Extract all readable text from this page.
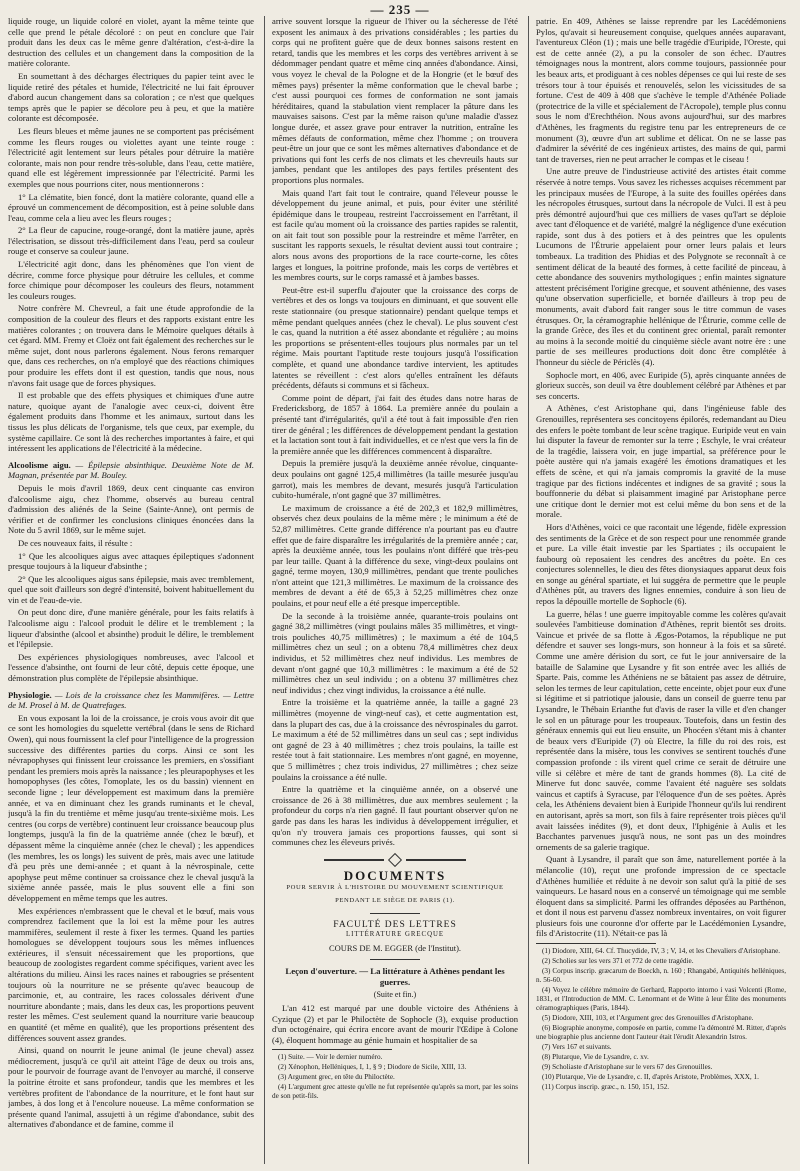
— 235 —

liquide rouge, un liquide coloré en violet, ayant la même teinte que celle que prend le pétale décoloré : on peut en conclure que l'air produit dans les deux cas le même genre d'altération, c'est-à-dire la destruction des cellules et un changement dans la composition de la matière colorante.

En soumettant à des décharges électriques du papier teint avec le liquide retiré des pétales et humide, l'électricité ne lui fait éprouver d'abord aucun changement dans sa coloration ; ce n'est que quelques temps après que le papier se décolore peu à peu, et que la matière colorante est décomposée.

Les fleurs bleues et même jaunes ne se comportent pas précisément comme les fleurs rouges ou violettes ayant une teinte rouge : l'électricité agit lentement sur leurs pétales pour détruire la matière colorante, mais non pour rendre très-soluble, dans l'eau, cette matière, quand elle est légèrement impressionnée par l'électricité. Parmi les exemples que nous pourrions citer, nous mentionnerons :

1° La clématite, bien foncé, dont la matière colorante, quand elle a éprouvé un commencement de décomposition, est à peine soluble dans l'eau, comme cela a lieu avec les fleurs rouges ;

2° La fleur de capucine, rouge-orangé, dont la matière jaune, après l'électrisation, se dissout très-difficilement dans l'eau, perd sa couleur rouge et conserve sa couleur jaune.

L'électricité agit donc, dans les phénomènes que l'on vient de décrire, comme force physique pour détruire les cellules, et comme force chimique pour décomposer les couleurs des fleurs, notamment les couleurs rouges.

Notre confrère M. Chevreul, a fait une étude approfondie de la composition de la couleur des fleurs et des rapports existant entre les matières colorantes ; on trouvera dans le Mémoire quelques détails à cet égard. MM. Fremy et Cloëz ont fait également des recherches sur le même sujet, dont nous parlerons également. Nous ferons remarquer que, dans ces recherches, on n'a employé que des réactions chimiques pour produire les effets dont il est question, tandis que nous, nous n'avons fait usage que de forces physiques.

Il est probable que des effets physiques et chimiques d'une autre nature, quoique ayant de l'analogie avec ceux-ci, doivent être également produits dans l'homme et les animaux, surtout dans les tissus les plus délicats de l'organisme, tels que ceux, par exemple, du système capillaire. Ce sont là des recherches importantes à faire, et qui intéressent les applications de l'électricité à la médecine.

Alcoolisme aigu. — Épilepsie absinthique. Deuxième Note de M. Magnan, présentée par M. Bouley.

Depuis le mois d'avril 1869, deux cent cinquante cas environ d'alcoolisme aigu, chez l'homme, observés au bureau central d'admission des aliénés de la Seine (Sainte-Anne), ont permis de vérifier et de confirmer les conclusions cliniques énoncées dans la Note du 5 avril 1869, sur le même sujet.

De ces nouveaux faits, il résulte :

1° Que les alcooliques aigus avec attaques épileptiques s'adonnent presque toujours à la liqueur d'absinthe ;

2° Que les alcooliques aigus sans épilepsie, mais avec tremblement, quel que soit d'ailleurs son degré d'intensité, boivent habituellement du vin et de l'eau-de-vie.

On peut donc dire, d'une manière générale, pour les faits relatifs à l'alcoolisme aigu : l'alcool produit le délire et le tremblement ; la liqueur d'absinthe (alcool et absinthe) produit le délire, le tremblement et l'épilepsie.

Des expériences physiologiques nombreuses, avec l'alcool et l'essence d'absinthe, ont fourni de leur côté, depuis cette époque, une démonstration plus complète de l'épilepsie absinthique.

Physiologie. — Lois de la croissance chez les Mammifères. — Lettre de M. Prosel à M. de Quatrefages.

En vous exposant la loi de la croissance, je crois vous avoir dit que ce sont les homologies du squelette vertébral (dans le sens de Richard Owen), qui nous fournissent la clef pour l'intelligence de la progression successive des différentes parties du corps. Ainsi ce sont les névrapophyses qui finissent leur croissance les premiers, en s'ossifiant pendant les premiers mois après la naissance ; les pleurapophyses et les homopophyses (les côtes, l'omoplate, les os du bassin) viennent en seconde ligne ; leur développement est maximum dans la première année, et va en diminuant chez les grands ruminants et le cheval, jusqu'à la fin du trentième et même jusqu'au trente-sixième mois. Les centres (ou corps de vertèbre) continuent leur croissance beaucoup plus longtemps, jusqu'à la fin de la quatrième année (chez le bœuf), et dépassent même la cinquième année (chez le cheval) ; les appendices (les membres, les os longs) les suivent de près, mais avec une latitude d'à peu près une demi-année ; et quant à la névrospinale, cette apophyse peut même continuer sa croissance chez le cheval jusqu'à la sixième année passée, mais le plus souvent elle a fini son développement en même temps que les autres.

Mes expériences n'embrassent que le cheval et le bœuf, mais vous comprendrez facilement que la loi est la même pour les autres mammifères, seulement il reste à fixer les termes. Quand les parties homologues se développent toujours sous les mêmes influences extérieures, il s'ensuit nécessairement que les proportions, que beaucoup de zoologistes regardent comme spécifiques, varient avec les altérations du milieu. Ainsi les races naines et rabougries se présentent toujours où la nourriture ne se présente qu'avec beaucoup de parcimonie, et, au contraire, les races colossales dérivent d'une nourriture abondante ; mais, dans les deux cas, les proportions peuvent rester les mêmes. C'est seulement quand la nourriture varie beaucoup en quantité (et même en qualité), que les proportions présentent des différences souvent assez grandes.

Ainsi, quand on nourrit le jeune animal (le jeune cheval) assez médiocrement, jusqu'à ce qu'il ait atteint l'âge de deux ou trois ans, pour le pourvoir de fourrage avant de l'envoyer au marché, il conserve la poitrine étroite et sans profondeur, tandis que les membres et les vertèbres profitent de l'abondance de la nourriture, et le font haut sur jambes, à dos long et à l'encolure noueuse. La même conformation se présente quand l'animal, assujetti à un régime d'abondance, subit des alternatives d'abondance et de famine, comme il

arrive souvent lorsque la rigueur de l'hiver ou la sécheresse de l'été exposent les animaux à des privations considérables ; les parties du corps qui ne profitent guère que de deux bonnes saisons restent en retard, tandis que les membres et les corps des vertèbres arrivent à se dédommager pendant quatre et même cinq années d'abondance. Ainsi, vous voyez le cheval de la Pologne et de la Hongrie (et le bœuf des mêmes pays) présenter la même conformation que le cheval barbe ; c'est aussi pourquoi ces formes de conformation ne sont jamais héréditaires, quand la stabulation vient remplacer la pâture dans les mauvaises saisons. C'est par la même raison qu'une maladie d'assez longue durée, et assez grave pour entraver la nutrition, entraîne les mêmes défauts de conformation, même chez l'homme ; on trouvera peut-être un jour que ce sont les mêmes alternatives d'abondance et de privations qui font les cerfs de nos climats et les chevreuils hauts sur jambes, pendant que les antilopes des pays fertiles présentent des proportions plus normales.

Mais quand l'art fait tout le contraire, quand l'éleveur pousse le développement du jeune animal, et puis, pour éviter une stérilité épidémique dans le troupeau, restreint l'accroissement en l'arrêtant, il est facile qu'au moment où la croissance des parties rapides se ralentit, on ait fait tout son possible pour la restreindre et même l'arrêter, en suscitant les rapports sexuels, le résultat devient aussi tout contraire ; alors nous avons des proportions de la race courte-corne, les côtes larges et longues, la poitrine profonde, mais les corps de vertèbres et les membres courts, sur le corps ramassé et à jambes basses.

Peut-être est-il superflu d'ajouter que la croissance des corps de vertèbres et des os longs va toujours en diminuant, et que souvent elle reste stationnaire (ou presque stationnaire) pendant quelque temps et même pendant quelques années (chez le cheval). Le plus souvent c'est le cas, quand la nutrition a été assez abondante et régulière ; au moins les proportions se présentent-elles toujours plus normales par un tel régime. Mais pourtant l'aptitude reste toujours jusqu'à l'ossification complète, et quand une abondance tardive intervient, les aptitudes latentes se réveillent : c'est alors qu'elles entraînent les défauts précédents, défauts si communs et si fâcheux.

Comme point de départ, j'ai fait des études dans notre haras de Fredericksborg, de 1857 à 1864. La première année du poulain a présenté tant d'irrégularités, qu'il a été tout à fait impossible d'en rien tirer de général ; les différences de développement pendant la gestation et la lactation sont tout à fait individuelles, et ce n'est que vers la fin de la première année que les différences commencent à disparaître.

Depuis la première jusqu'à la deuxième année révolue, cinquante-deux poulains ont gagné 125,4 millimètres (la taille mesurée jusqu'au garrot), mais les membres de devant, mesurés jusqu'à l'articulation cubito-humérale, n'ont gagné que 37 millimètres.

Le maximum de croissance a été de 202,3 et 182,9 millimètres, observés chez deux poulains de la même mère ; le minimum a été de 52,87 millimètres. Cette grande différence n'a pourtant pas eu d'autre effet que de faire disparaître les irrégularités de la première année ; car, après la deuxième année, tous les poulains n'ont différé que très-peu par leur taille. Quant à la différence du sexe, vingt-deux poulains ont gagné, terme moyen, 130,9 millimètres, pendant que trente pouliches n'ont atteint que 121,3 millimètres. Le maximum de la croissance des membres de devant a été de 65,3 à 52,25 millimètres chez onze poulains, et pour neuf elle a été presque imperceptible.

De la seconde à la troisième année, quarante-trois poulains ont gagné 38,2 millimètres (vingt poulains mâles 35 millimètres, et vingt-trois pouliches 40,75 millimètres) ; le maximum a été de 104,5 millimètres chez un seul ; on a obtenu 78,4 millimètres chez deux individus, et 52 millimètres chez neuf individus. Les membres de devant n'ont gagné que 10,3 millimètres : le maximum a été de 52 millimètres chez un seul individu ; on a obtenu 37 millimètres chez neuf individus ; chez vingt individus, la croissance a été nulle.

Entre la troisième et la quatrième année, la taille a gagné 23 millimètres (moyenne de vingt-neuf cas), et cette augmentation est, dans la plupart des cas, due à la croissance des névrospinales du garrot. Le maximum a été de 52 millimètres dans un seul cas ; sept individus ont gagné de 23 à 40 millimètres ; chez trois poulains, la taille est restée tout à fait stationnaire. Les membres n'ont gagné, en moyenne, que 5 millimètres ; chez trois individus, 27 millimètres ; chez seize poulains la croissance a été nulle.

Entre la quatrième et la cinquième année, on a observé une croissance de 26 à 38 millimètres, due aux membres seulement ; la profondeur du corps n'a rien gagné. Il faut pourtant observer qu'on ne garde pas dans les haras les individus à développement irrégulier, et qu'on n'y trouvera jamais ces proportions fausses, qui sont si communes chez les éleveurs privés.

DOCUMENTS
POUR SERVIR À L'HISTOIRE DU MOUVEMENT SCIENTIFIQUE
PENDANT LE SIÈGE DE PARIS (1).
FACULTÉ DES LETTRES
LITTÉRATURE GRECQUE
COURS DE M. EGGER (de l'Institut).
Leçon d'ouverture. — La littérature à Athènes pendant les guerres.
(Suite et fin.)

L'an 412 est marqué par une double victoire des Athéniens à Cyzique (2) et par le Philoctète de Sophocle (3), exquise production d'un octogénaire, qui écrira encore avant de mourir l'Œdipe à Colone (4), éloquent hommage au génie humain et hospitalier de sa

(1) Suite. — Voir le dernier numéro.

(2) Xénophon, Helléniques, I, 1, § 9 ; Diodore de Sicile, XIII, 13.

(3) Argument grec, en tête du Philoctète.

(4) L'argument grec atteste qu'elle ne fut représentée qu'après sa mort, par les soins de son petit-fils.

patrie. En 409, Athènes se laisse reprendre par les Lacédémoniens Pylos, qu'avait si heureusement conquise, quelques années auparavant, l'aventureux Cléon (1) ; mais une belle tragédie d'Euripide, l'Oreste, qui est de cette année (2), a pu la consoler de son échec. D'autres témoignages nous la montrent, alors comme toujours, passionnée pour les beaux arts, et prodiguant à ces nobles dépenses ce qui lui reste de ses trésors tour à tour épuisés et renouvelés, selon les vicissitudes de sa fortune. C'est de 409 à 408 que s'achève le temple d'Athénée Poliade (protectrice de la ville et spécialement de l'Acropole), temple plus connu sous le nom d'Erechthéion. Nous avons aujourd'hui, sur des marbres d'Athènes, les fragments du registre tenu par les entrepreneurs de ce monument (3), œuvre d'un art sublime et délicat. On ne se lasse pas d'admirer la sévérité de ces ingénieux artistes, des mains de qui, parmi tant de traverses, rien ne peut arracher le compas et le ciseau !

Une autre preuve de l'industrieuse activité des artistes était comme réservée à notre temps. Vous savez les richesses acquises récemment par les principaux musées de l'Europe, à la suite des fouilles opérées dans les nécropoles étrusques, surtout dans la nécropole de Vulci. Il est à peu près démontré aujourd'hui que ces milliers de vases qu'l'art se déploie avec tant d'éloquence et de variété, malgré la négligence d'une exécution rapide, sont dus à des potiers et à des peintres que les opulents Lucumons de l'Étrurie appelaient pour orner leurs palais et leurs tombeaux. La tradition des Phidias et des Polygnote se reconnaît à ce sentiment délicat de la beauté des formes, à cette facilité de pinceau, à cette abondance des souvenirs mythologiques ; enfin maintes signature attestent précisément l'origine grecque, et souvent athénienne, des vases qu'une observation superficielle, et bornée d'ailleurs à trop peu de monuments, avait d'abord fait ranger sous le titre commun de vases étrusques. Or, la céramographie hellénique de l'Étrurie, comme celle de la grande Grèce, des îles et du continent grec oriental, paraît remonter au moins à la seconde moitié du cinquième siècle avant notre ère : une partie de ses meilleures productions doit donc être complétée à l'honneur du siècle de Périclès (4).

Sophocle mort, en 406, avec Euripide (5), après cinquante années de glorieux succès, son deuil va être doublement célébré par Athènes et par ses concerts.

A Athènes, c'est Aristophane qui, dans l'ingénieuse fable des Grenouilles, représentera ses concitoyens épilorés, redemandant au Dieu des enfers le poète tombant de leur scène tragique. Euripide veut en vain lui disputer la faveur de remonter sur la terre ; Eschyle, le vrai créateur de la tragédie, laissera voir, en juge impartial, sa préférence pour le poète austère qui n'a jamais exagéré les émotions dramatiques et les effets de scène, et qui n'a jamais compromis la gravité de la muse tragique par des fictions indécentes et indignes de sa gravité ; sous la bouffonnerie du débat si plaisamment imaginé par Aristophane perce une critique dont le dernier mot est celui même du bon sens et de la morale.

Hors d'Athènes, voici ce que racontait une légende, fidèle expression des sentiments de la Grèce et de son respect pour une renommée grande et pure. La ville était investie par les Spartiates ; ils occupaient le faubourg où reposaient les cendres des ancêtres du poète. En ces conjectures solennelles, le dieu des fêtes dionysiaques apparut deux fois en songe au général spartiate, et lui suggéra de permettre que le peuple d'Athènes pût, au travers des lignes ennemies, conduire à son lieu de repos la dépouille mortelle de Sophocle (6).

La guerre, hélas ! une guerre impitoyable comme les colères qu'avait soulevées l'ambitieuse domination d'Athènes, reprit bientôt ses droits. Vaincue et privée de sa flotte à Ægos-Potamos, la république ne put défendre et sauver ses longs-murs, son honneur à la fois et sa sûreté. Comme une amère dérision du sort, ce fut le jour anniversaire de la bataille de Salamine que Lysandre y fit son entrée avec les alliés de Sparte. Pais, comme les Athéniens ne se bâtaient pas assez de détruire, selon les termes de leur capitulation, cette enceinte, objet pour eux d'une si légitime et si patriotique jalousie, dans un conseil de guerre tenu par Lysandre, le Thébain Erianthe fut d'avis de raser la ville et d'en changer le sol en un pâturage pour les troupeaux. Toutefois, dans un festin des généraux ennemis qui eut lieu ensuite, un Phocéen s'étant mis à chanter de beaux vers d'Euripide (7) où Electre, la fille du roi des rois, est représentée dans la misère, tous les convives se sentirent touchés d'une compassion profonde : ils virent quel crime ce serait de détruire une ville si célèbre et mère de tant de grands hommes (8). La cité de Minerve fut donc sauvée, comme l'avaient été naguère ses soldats vaincus et captifs à Syracuse, par l'éloquence d'un de ses poètes. Après cela, les Athéniens devaient bien à Euripide l'honneur qu'ils lui rendirent en autorisant, après sa mort, son fils à faire représenter trois pièces qu'il avait laissées inédites (9), et dont deux, l'Iphigénie à Aulis et les Bacchantes parvenues jusqu'à nous, ne sont pas un des moindres ornements de sa galerie tragique.

Quant à Lysandre, il paraît que son âme, naturellement portée à la mélancolie (10), reçut une profonde impression de ce spectacle d'Athènes humiliée et réduite à ne devoir son salut qu'à la pitié de ses vainqueurs. Le hasard nous en a conservé un témoignage qui me semble éloquent dans sa simplicité. Parmi les offrandes déposées au Parthénon, et dont il nous est parvenu d'assez nombreux inventaires, on voit figurer plusieurs fois une couronne d'or offerte par le Lacédémonien Lysandre, fils d'Aristocrite (11). N'était-ce pas là

(1) Diodore, XIII, 64. Cf. Thucydide, IV, 3 ; V, 14, et les Chevaliers d'Aristophane.

(2) Scholies sur les vers 371 et 772 de cette tragédie.

(3) Corpus inscrip. græcarum de Boeckh, n. 160 ; Rhangabé, Antiquités helléniques, n. 56-60.

(4) Voyez le célèbre mémoire de Gerhard, Rapporto intorno i vasi Volcenti (Rome, 1831, et l'Introduction de MM. C. Lenormant et de Witte à leur Élite des monuments céramographiques (Paris, 1844).

(5) Diodore, XIII, 103, et l'Argument grec des Grenouilles d'Aristophane.

(6) Biographie anonyme, composée en partie, comme l'a démontré M. Ritter, d'après une biographie plus ancienne dont l'auteur était l'érudit Alexandrin Istros.

(7) Vers 167 et suivants.

(8) Plutarque, Vie de Lysandre, c. xv.

(9) Scholiaste d'Aristophane sur le vers 67 des Grenouilles.

(10) Plutarque, Vie de Lysandre, c. II, d'après Aristote, Problèmes, XXX, 1.

(11) Corpus inscrip. græc., n. 150, 151, 152.
